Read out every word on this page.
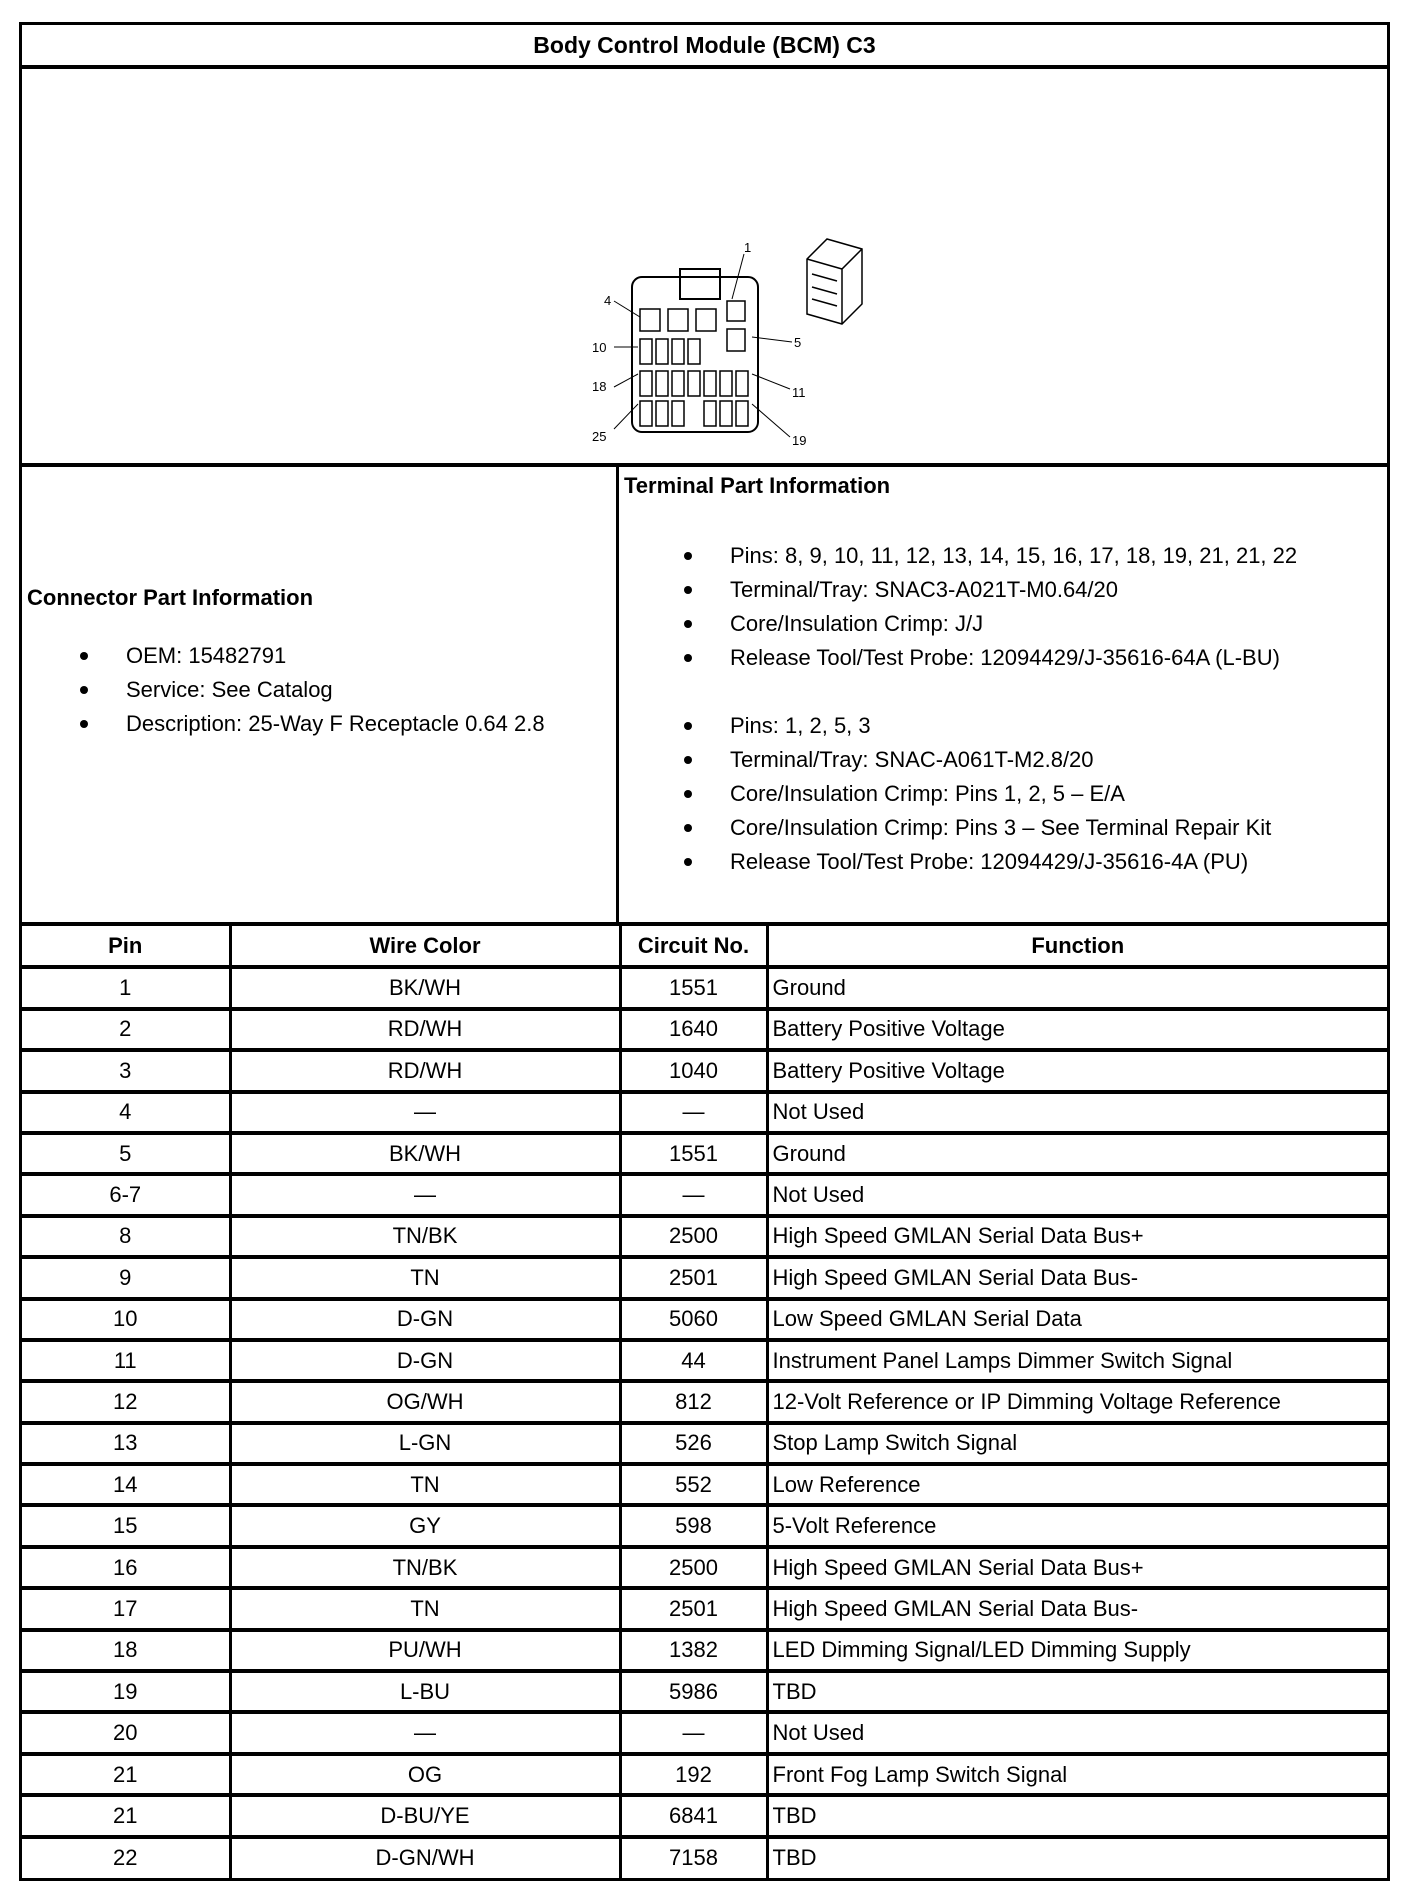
Body Control Module (BCM) C3
1
4
5
10
11
18
19
25
Connector Part Information
OEM: 15482791
Service: See Catalog
Description: 25-Way F Receptacle 0.64 2.8
Terminal Part Information
Pins: 8, 9, 10, 11, 12, 13, 14, 15, 16, 17, 18, 19, 21, 21, 22
Terminal/Tray: SNAC3-A021T-M0.64/20
Core/Insulation Crimp: J/J
Release Tool/Test Probe: 12094429/J-35616-64A (L-BU)
Pins: 1, 2, 5, 3
Terminal/Tray: SNAC-A061T-M2.8/20
Core/Insulation Crimp: Pins 1, 2, 5 – E/A
Core/Insulation Crimp: Pins 3 – See Terminal Repair Kit
Release Tool/Test Probe: 12094429/J-35616-4A (PU)
Pin	Wire Color	Circuit No.	Function
1	BK/WH	1551	Ground
2	RD/WH	1640	Battery Positive Voltage
3	RD/WH	1040	Battery Positive Voltage
4	—	—	Not Used
5	BK/WH	1551	Ground
6-7	—	—	Not Used
8	TN/BK	2500	High Speed GMLAN Serial Data Bus+
9	TN	2501	High Speed GMLAN Serial Data Bus-
10	D-GN	5060	Low Speed GMLAN Serial Data
11	D-GN	44	Instrument Panel Lamps Dimmer Switch Signal
12	OG/WH	812	12-Volt Reference or IP Dimming Voltage Reference
13	L-GN	526	Stop Lamp Switch Signal
14	TN	552	Low Reference
15	GY	598	5-Volt Reference
16	TN/BK	2500	High Speed GMLAN Serial Data Bus+
17	TN	2501	High Speed GMLAN Serial Data Bus-
18	PU/WH	1382	LED Dimming Signal/LED Dimming Supply
19	L-BU	5986	TBD
20	—	—	Not Used
21	OG	192	Front Fog Lamp Switch Signal
21	D-BU/YE	6841	TBD
22	D-GN/WH	7158	TBD
